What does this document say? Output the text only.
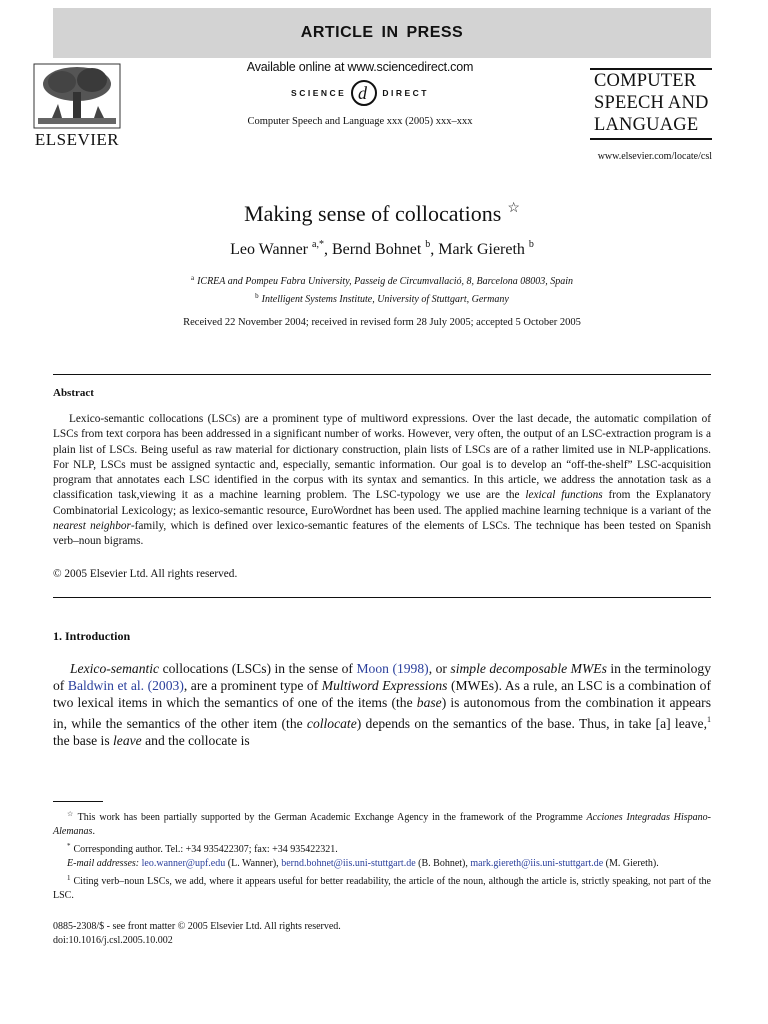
ARTICLE IN PRESS
ELSEVIER
Available online at www.sciencedirect.com
SCIENCE d DIRECT
Computer Speech and Language xxx (2005) xxx–xxx
COMPUTER
SPEECH AND
LANGUAGE
www.elsevier.com/locate/csl
Making sense of collocations ☆
Leo Wanner $^{a,*}$, Bernd Bohnet $^b$, Mark Giereth $^b$
$^a$ ICREA and Pompeu Fabra University, Passeig de Circumvallació, 8, Barcelona 08003, Spain
$^b$ Intelligent Systems Institute, University of Stuttgart, Germany
Received 22 November 2004; received in revised form 28 July 2005; accepted 5 October 2005
Abstract
Lexico-semantic collocations (LSCs) are a prominent type of multiword expressions. Over the last decade, the automatic compilation of LSCs from text corpora has been addressed in a significant number of works. However, very often, the output of an LSC-extraction program is a plain list of LSCs. Being useful as raw material for dictionary construction, plain lists of LSCs are of a rather limited use in NLP-applications. For NLP, LSCs must be assigned syntactic and, especially, semantic information. Our goal is to develop an “off-the-shelf” LSC-acquisition program that annotates each LSC identified in the corpus with its syntax and semantics. In this article, we address the annotation task as a classification task,viewing it as a machine learning problem. The LSC-typology we use are the lexical functions from the Explanatory Combinatorial Lexicology; as lexico-semantic resource, EuroWordnet has been used. The applied machine learning technique is a variant of the nearest neighbor-family, which is defined over lexico-semantic features of the elements of LSCs. The technique has been tested on Spanish verb–noun bigrams.
© 2005 Elsevier Ltd. All rights reserved.
1. Introduction
Lexico-semantic collocations (LSCs) in the sense of Moon (1998), or simple decomposable MWEs in the terminology of Baldwin et al. (2003), are a prominent type of Multiword Expressions (MWEs). As a rule, an LSC is a combination of two lexical items in which the semantics of one of the items (the base) is autonomous from the combination it appears in, while the semantics of the other item (the collocate) depends on the semantics of the base. Thus, in take [a] leave,$^1$ the base is leave and the collocate is

☆ This work has been partially supported by the German Academic Exchange Agency in the framework of the Programme Acciones Integradas Hispano-Alemanas.

* Corresponding author. Tel.: +34 935422307; fax: +34 935422321.

E-mail addresses: leo.wanner@upf.edu (L. Wanner), bernd.bohnet@iis.uni-stuttgart.de (B. Bohnet), mark.giereth@iis.uni-stuttgart.de (M. Giereth).

$^1$ Citing verb–noun LSCs, we add, where it appears useful for better readability, the article of the noun, although the article is, strictly speaking, not part of the LSC.

0885-2308/$ - see front matter © 2005 Elsevier Ltd. All rights reserved.
doi:10.1016/j.csl.2005.10.002
